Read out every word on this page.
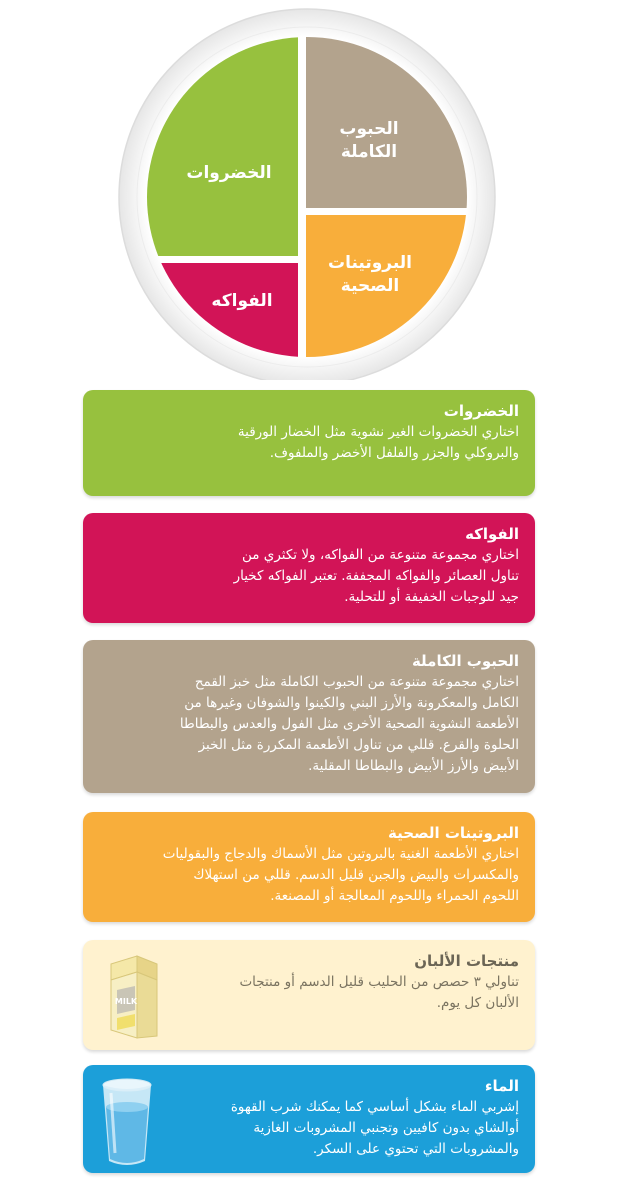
الخضروات
الحبوب
الكاملة
البروتينات
الصحية
الفواكه
الخضروات
اختاري الخضروات الغير نشوية مثل الخضار الورقية
والبروكلي والجزر والفلفل الأخضر والملفوف.
الفواكه
اختاري مجموعة متنوعة من الفواكه، ولا تكثري من
تناول العصائر والفواكه المجففة. تعتبر الفواكه كخيار
جيد للوجبات الخفيفة أو للتحلية.
الحبوب الكاملة
اختاري مجموعة متنوعة من الحبوب الكاملة مثل خبز القمح
الكامل والمعكرونة والأرز البني والكينوا والشوفان وغيرها من
الأطعمة النشوية الصحية الأخرى مثل الفول والعدس والبطاطا
الحلوة والقرع. قللي من تناول الأطعمة المكررة مثل الخبز
الأبيض والأرز الأبيض والبطاطا المقلية.
البروتينات الصحية
اختاري الأطعمة الغنية بالبروتين مثل الأسماك والدجاج والبقوليات
والمكسرات والبيض والجبن قليل الدسم. قللي من استهلاك
اللحوم الحمراء واللحوم المعالجة أو المصنعة.
منتجات الألبان
تناولي ٣ حصص من الحليب قليل الدسم أو منتجات
الألبان كل يوم.
MILK
الماء
إشربي الماء بشكل أساسي كما يمكنك شرب القهوة
أوالشاي بدون كافيين وتجنبي المشروبات الغازية
والمشروبات التي تحتوي على السكر.
